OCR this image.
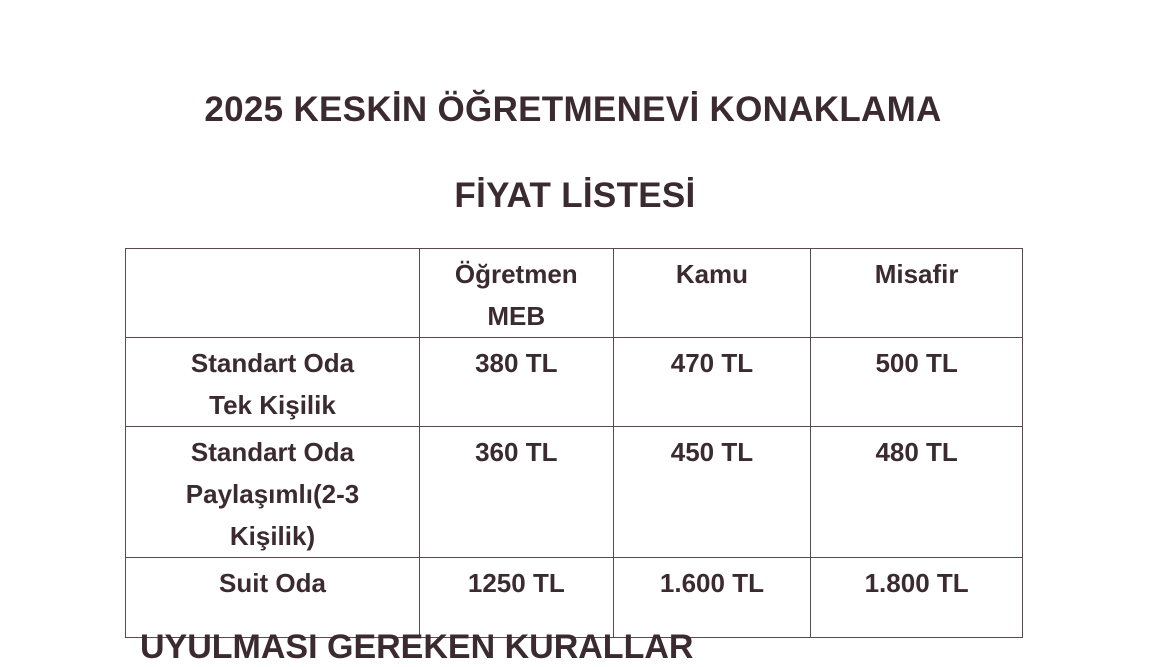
2025 KESKİN ÖĞRETMENEVİ KONAKLAMA
FİYAT LİSTESİ
	Öğretmen MEB	Kamu	Misafir
Standart Oda Tek Kişilik	380 TL	470 TL	500 TL
Standart Oda Paylaşımlı(2-3 Kişilik)	360 TL	450 TL	480 TL
Suit Oda	1250 TL	1.600 TL	1.800 TL
UYULMASI GEREKEN KURALLAR
